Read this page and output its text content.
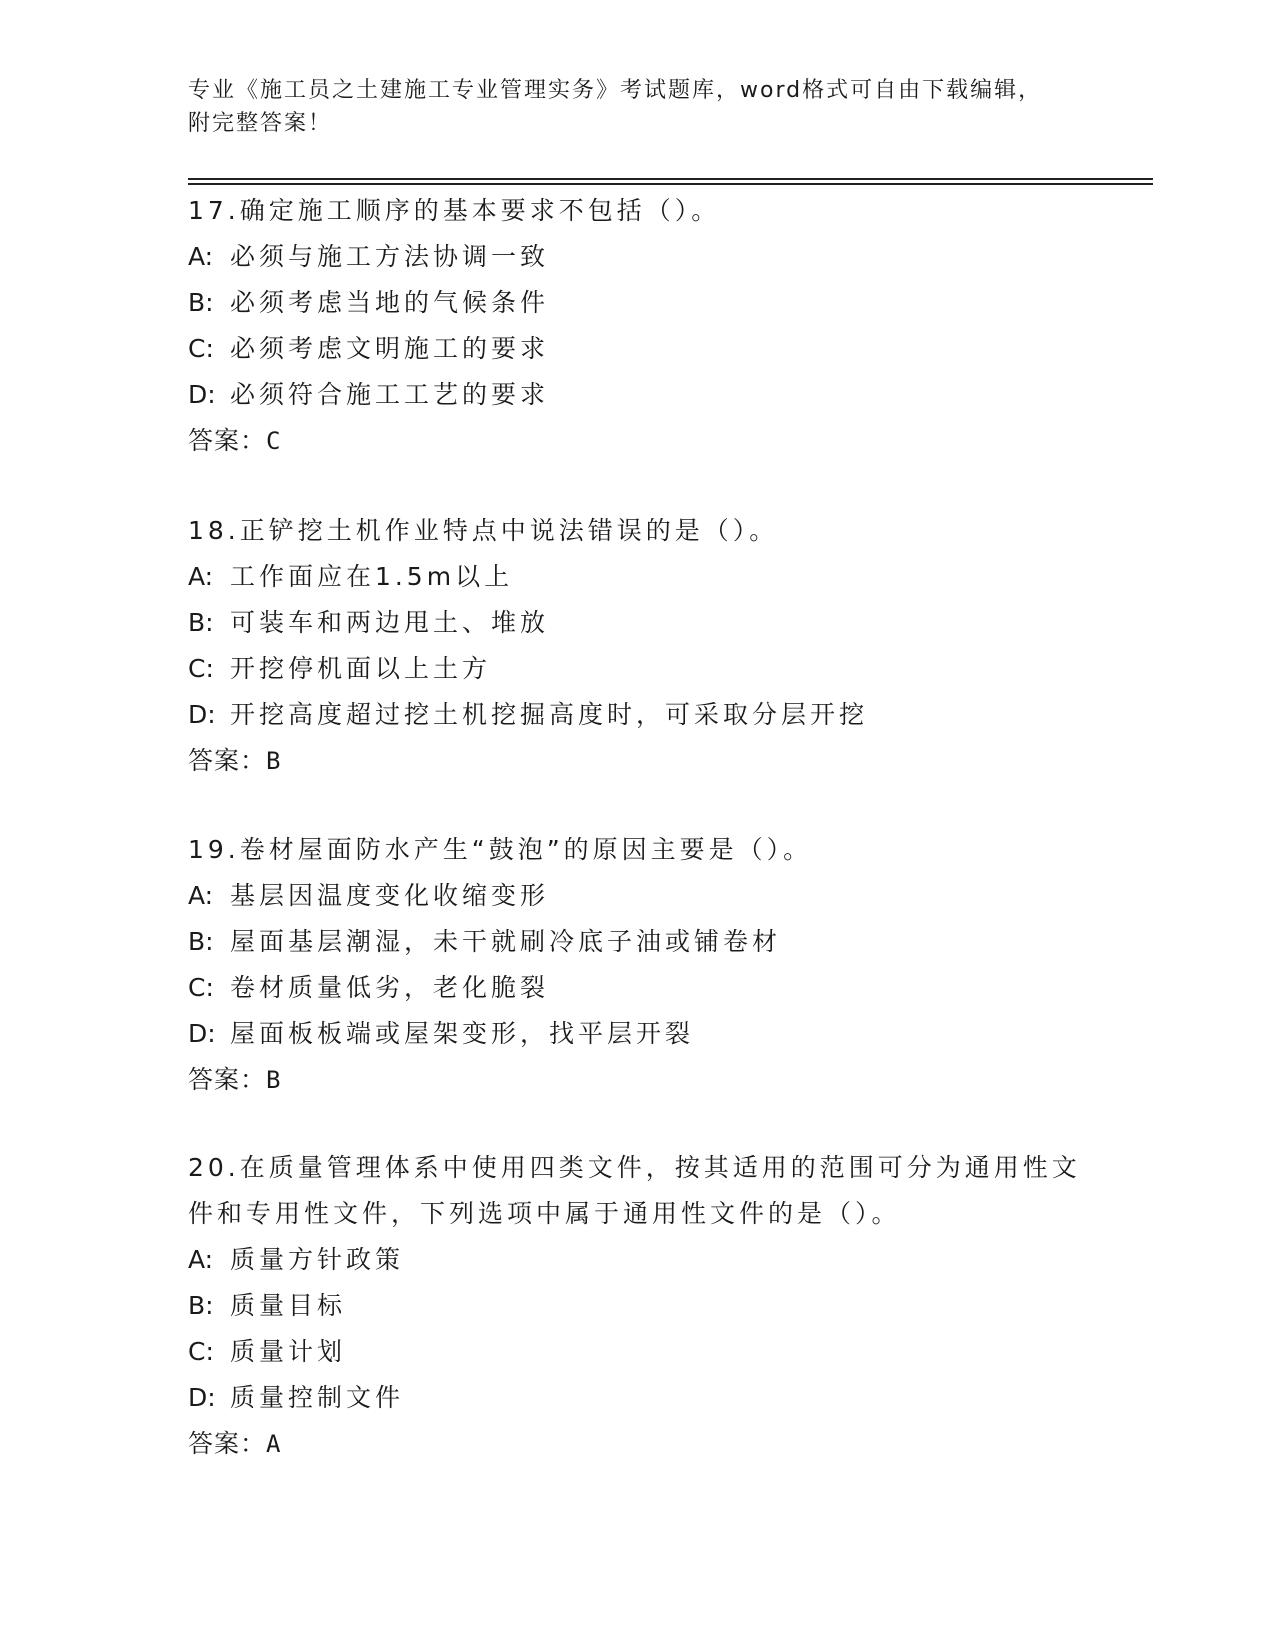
专业《施工员之土建施工专业管理实务》考试题库，word格式可自由下载编辑，
附完整答案！
17.确定施工顺序的基本要求不包括（）。
A: 必须与施工方法协调一致
B: 必须考虑当地的气候条件
C: 必须考虑文明施工的要求
D: 必须符合施工工艺的要求
答案：C
18.正铲挖土机作业特点中说法错误的是（）。
A: 工作面应在1.5m以上
B: 可装车和两边甩土、堆放
C: 开挖停机面以上土方
D: 开挖高度超过挖土机挖掘高度时，可采取分层开挖
答案：B
19.卷材屋面防水产生“鼓泡”的原因主要是（）。
A: 基层因温度变化收缩变形
B: 屋面基层潮湿，未干就刷冷底子油或铺卷材
C: 卷材质量低劣，老化脆裂
D: 屋面板板端或屋架变形，找平层开裂
答案：B
20.在质量管理体系中使用四类文件，按其适用的范围可分为通用性文件和专用性文件，下列选项中属于通用性文件的是（）。
A: 质量方针政策
B: 质量目标
C: 质量计划
D: 质量控制文件
答案：A
